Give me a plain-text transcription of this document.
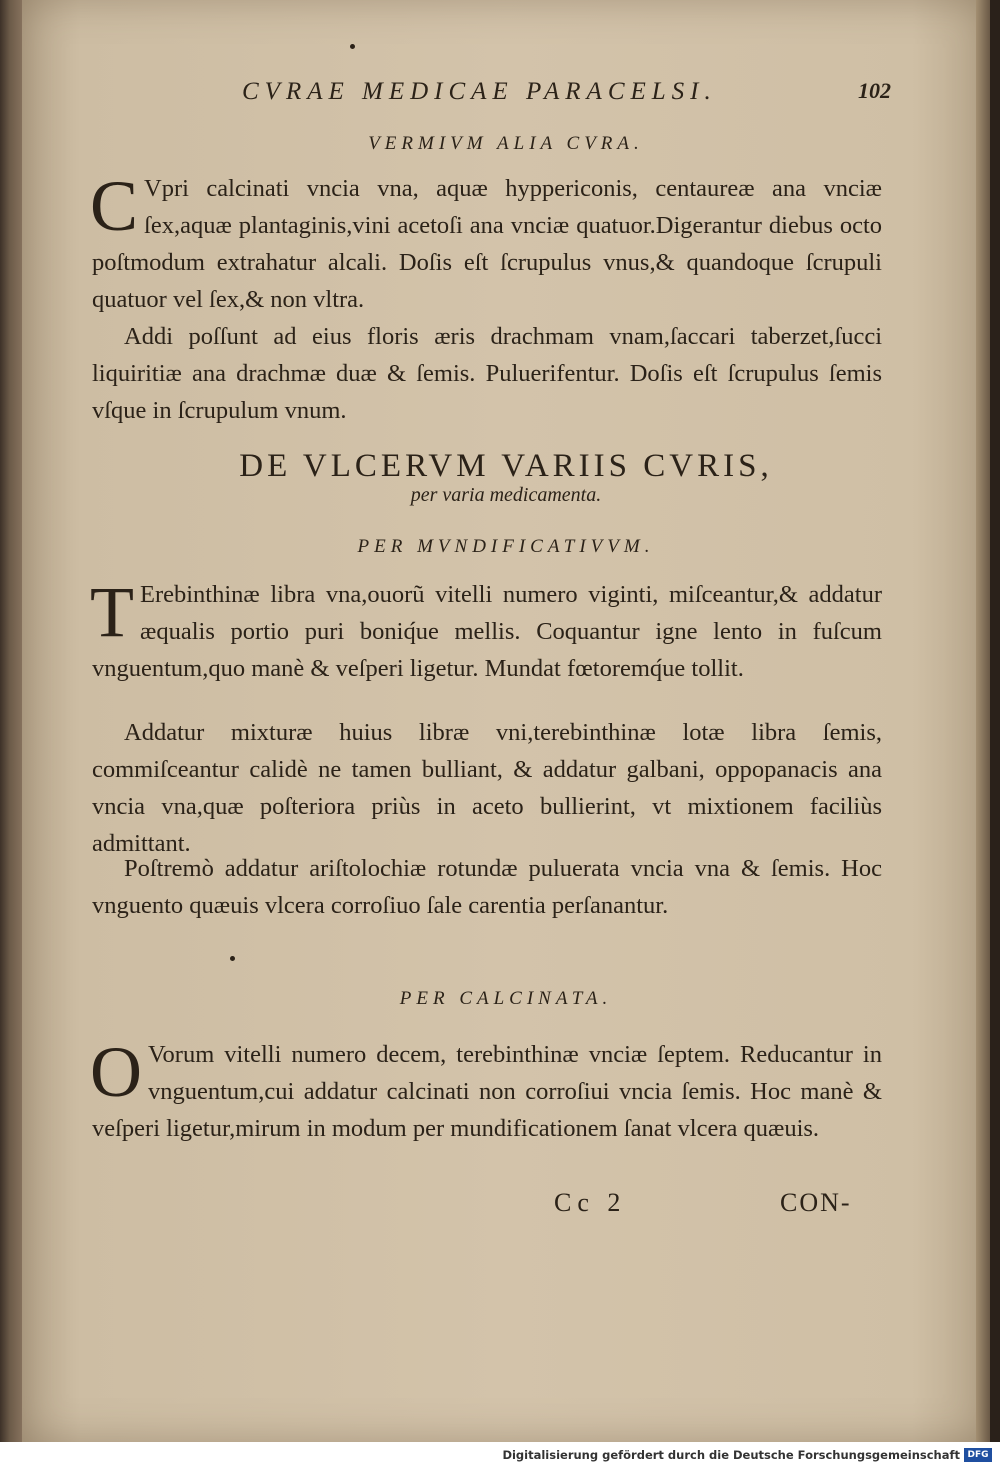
CVRAE MEDICAE PARACELSI.	102
VERMIVM ALIA CVRA.
C Vpri calcinati vncia vna, aquæ hyppericonis, centaureæ ana vnciæ ſex,aquæ plantaginis,vini acetoſi ana vnciæ quatuor.Digerantur diebus octo poſtmodum extrahatur alcali. Doſis eſt ſcrupulus vnus,& quandoque ſcrupuli quatuor vel ſex,& non vltra.
Addi poſſunt ad eius floris æris drachmam vnam,ſaccari taberzet,ſucci liquiritiæ ana drachmæ duæ & ſemis. Puluerifentur. Doſis eſt ſcrupulus ſemis vſque in ſcrupulum vnum.
DE VLCERVM VARIIS CVRIS,
per varia medicamenta.
PER MVNDIFICATIVVM.
T Erebinthinæ libra vna,ouorũ vitelli numero viginti, miſceantur,& addatur æqualis portio puri boniq́ue mellis. Coquantur igne lento in fuſcum vnguentum,quo manè & veſperi ligetur. Mundat fœtoremq́ue tollit.
Addatur mixturæ huius libræ vni,terebinthinæ lotæ libra ſemis, commiſceantur calidè ne tamen bulliant, & addatur galbani, oppopanacis ana vncia vna,quæ poſteriora priùs in aceto bullierint, vt mixtionem faciliùs admittant.
Poſtremò addatur ariſtolochiæ rotundæ puluerata vncia vna & ſemis. Hoc vnguento quæuis vlcera corroſiuo ſale carentia perſanantur.
PER CALCINATA.
O Vorum vitelli numero decem, terebinthinæ vnciæ ſeptem. Reducantur in vnguentum,cui addatur calcinati non corroſiui vncia ſemis. Hoc manè & veſperi ligetur,mirum in modum per mundificationem ſanat vlcera quæuis.
Cc 2	CON-
Digitalisierung gefördert durch die Deutsche Forschungsgemeinschaft DFG
